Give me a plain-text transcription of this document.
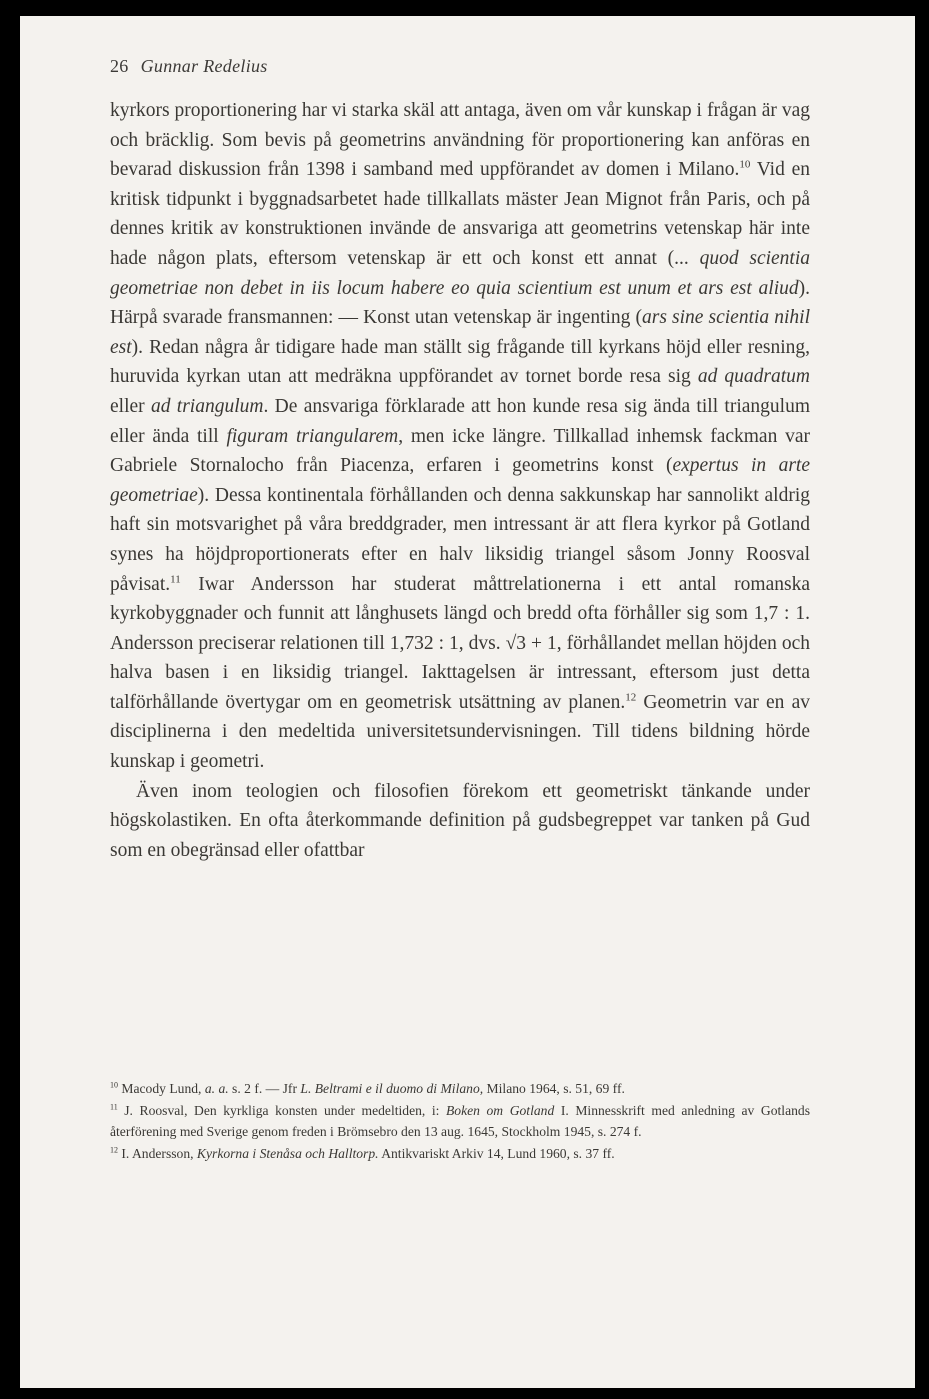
26 Gunnar Redelius

kyrkors proportionering har vi starka skäl att antaga, även om vår kunskap i frågan är vag och bräcklig. Som bevis på geometrins användning för proportionering kan anföras en bevarad diskussion från 1398 i samband med uppförandet av domen i Milano.$^{10}$ Vid en kritisk tidpunkt i byggnadsarbetet hade tillkallats mäster Jean Mignot från Paris, och på dennes kritik av konstruktionen invände de ansvariga att geometrins vetenskap här inte hade någon plats, eftersom vetenskap är ett och konst ett annat (... quod scientia geometriae non debet in iis locum habere eo quia scientium est unum et ars est aliud). Härpå svarade fransmannen: — Konst utan vetenskap är ingenting (ars sine scientia nihil est). Redan några år tidigare hade man ställt sig frågande till kyrkans höjd eller resning, huruvida kyrkan utan att medräkna uppförandet av tornet borde resa sig ad quadratum eller ad triangulum. De ansvariga förklarade att hon kunde resa sig ända till triangulum eller ända till figuram triangularem, men icke längre. Tillkallad inhemsk fackman var Gabriele Stornalocho från Piacenza, erfaren i geometrins konst (expertus in arte geometriae). Dessa kontinentala förhållanden och denna sakkunskap har sannolikt aldrig haft sin motsvarighet på våra breddgrader, men intressant är att flera kyrkor på Gotland synes ha höjdproportionerats efter en halv liksidig triangel såsom Jonny Roosval påvisat.$^{11}$ Iwar Andersson har studerat måttrelationerna i ett antal romanska kyrkobyggnader och funnit att långhusets längd och bredd ofta förhåller sig som 1,7 : 1. Andersson preciserar relationen till 1,732 : 1, dvs. √3 + 1, förhållandet mellan höjden och halva basen i en liksidig triangel. Iakttagelsen är intressant, eftersom just detta talförhållande övertygar om en geometrisk utsättning av planen.$^{12}$ Geometrin var en av disciplinerna i den medeltida universitetsundervisningen. Till tidens bildning hörde kunskap i geometri.

Även inom teologien och filosofien förekom ett geometriskt tänkande under högskolastiken. En ofta återkommande definition på gudsbegreppet var tanken på Gud som en obegränsad eller ofattbar

$^{10}$ Macody Lund, a. a. s. 2 f. — Jfr L. Beltrami e il duomo di Milano, Milano 1964, s. 51, 69 ff.

$^{11}$ J. Roosval, Den kyrkliga konsten under medeltiden, i: Boken om Gotland I. Minnesskrift med anledning av Gotlands återförening med Sverige genom freden i Brömsebro den 13 aug. 1645, Stockholm 1945, s. 274 f.

$^{12}$ I. Andersson, Kyrkorna i Stenåsa och Halltorp. Antikvariskt Arkiv 14, Lund 1960, s. 37 ff.
